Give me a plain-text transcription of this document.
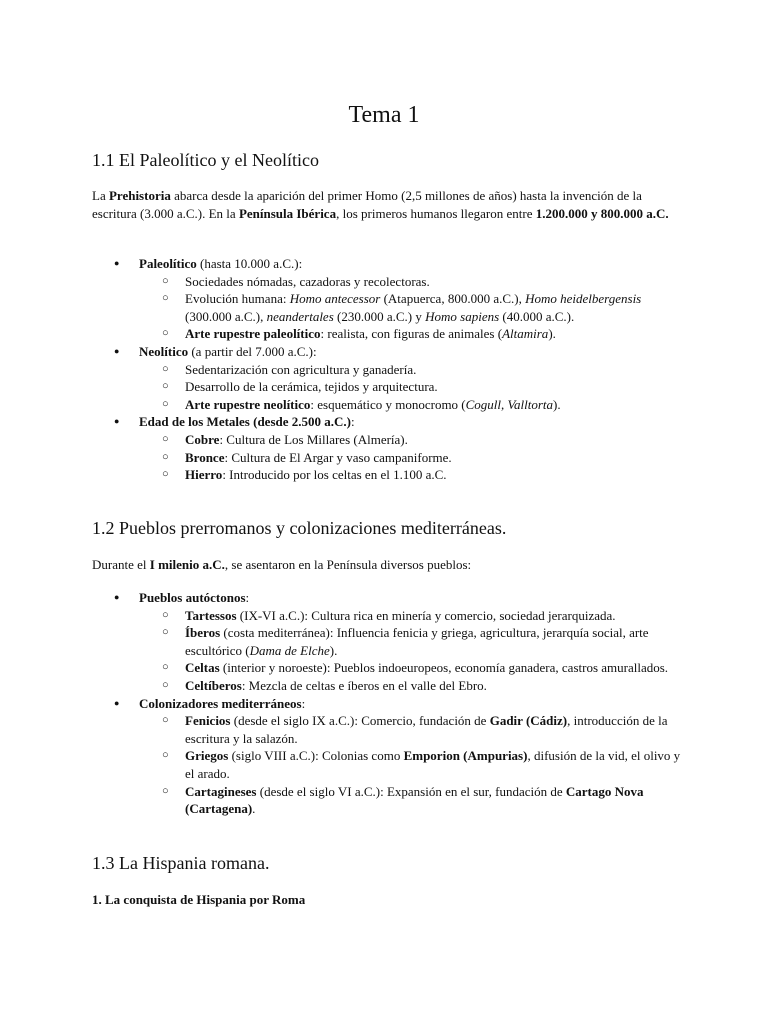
Tema 1
1.1 El Paleolítico y el Neolítico

La Prehistoria abarca desde la aparición del primer Homo (2,5 millones de años) hasta la invención de la escritura (3.000 a.C.). En la Península Ibérica, los primeros humanos llegaron entre 1.200.000 y 800.000 a.C.

● Paleolítico (hasta 10.000 a.C.):
○ Sociedades nómadas, cazadoras y recolectoras.
○ Evolución humana: Homo antecessor (Atapuerca, 800.000 a.C.), Homo heidelbergensis (300.000 a.C.), neandertales (230.000 a.C.) y Homo sapiens (40.000 a.C.).
○ Arte rupestre paleolítico: realista, con figuras de animales (Altamira).
● Neolítico (a partir del 7.000 a.C.):
○ Sedentarización con agricultura y ganadería.
○ Desarrollo de la cerámica, tejidos y arquitectura.
○ Arte rupestre neolítico: esquemático y monocromo (Cogull, Valltorta).
● Edad de los Metales (desde 2.500 a.C.):
○ Cobre: Cultura de Los Millares (Almería).
○ Bronce: Cultura de El Argar y vaso campaniforme.
○ Hierro: Introducido por los celtas en el 1.100 a.C.
1.2 Pueblos prerromanos y colonizaciones mediterráneas.

Durante el I milenio a.C., se asentaron en la Península diversos pueblos:

● Pueblos autóctonos:
○ Tartessos (IX-VI a.C.): Cultura rica en minería y comercio, sociedad jerarquizada.
○ Íberos (costa mediterránea): Influencia fenicia y griega, agricultura, jerarquía social, arte escultórico (Dama de Elche).
○ Celtas (interior y noroeste): Pueblos indoeuropeos, economía ganadera, castros amurallados.
○ Celtíberos: Mezcla de celtas e íberos en el valle del Ebro.
● Colonizadores mediterráneos:
○ Fenicios (desde el siglo IX a.C.): Comercio, fundación de Gadir (Cádiz), introducción de la escritura y la salazón.
○ Griegos (siglo VIII a.C.): Colonias como Emporion (Ampurias), difusión de la vid, el olivo y el arado.
○ Cartagineses (desde el siglo VI a.C.): Expansión en el sur, fundación de Cartago Nova (Cartagena).
1.3 La Hispania romana.

1. La conquista de Hispania por Roma
